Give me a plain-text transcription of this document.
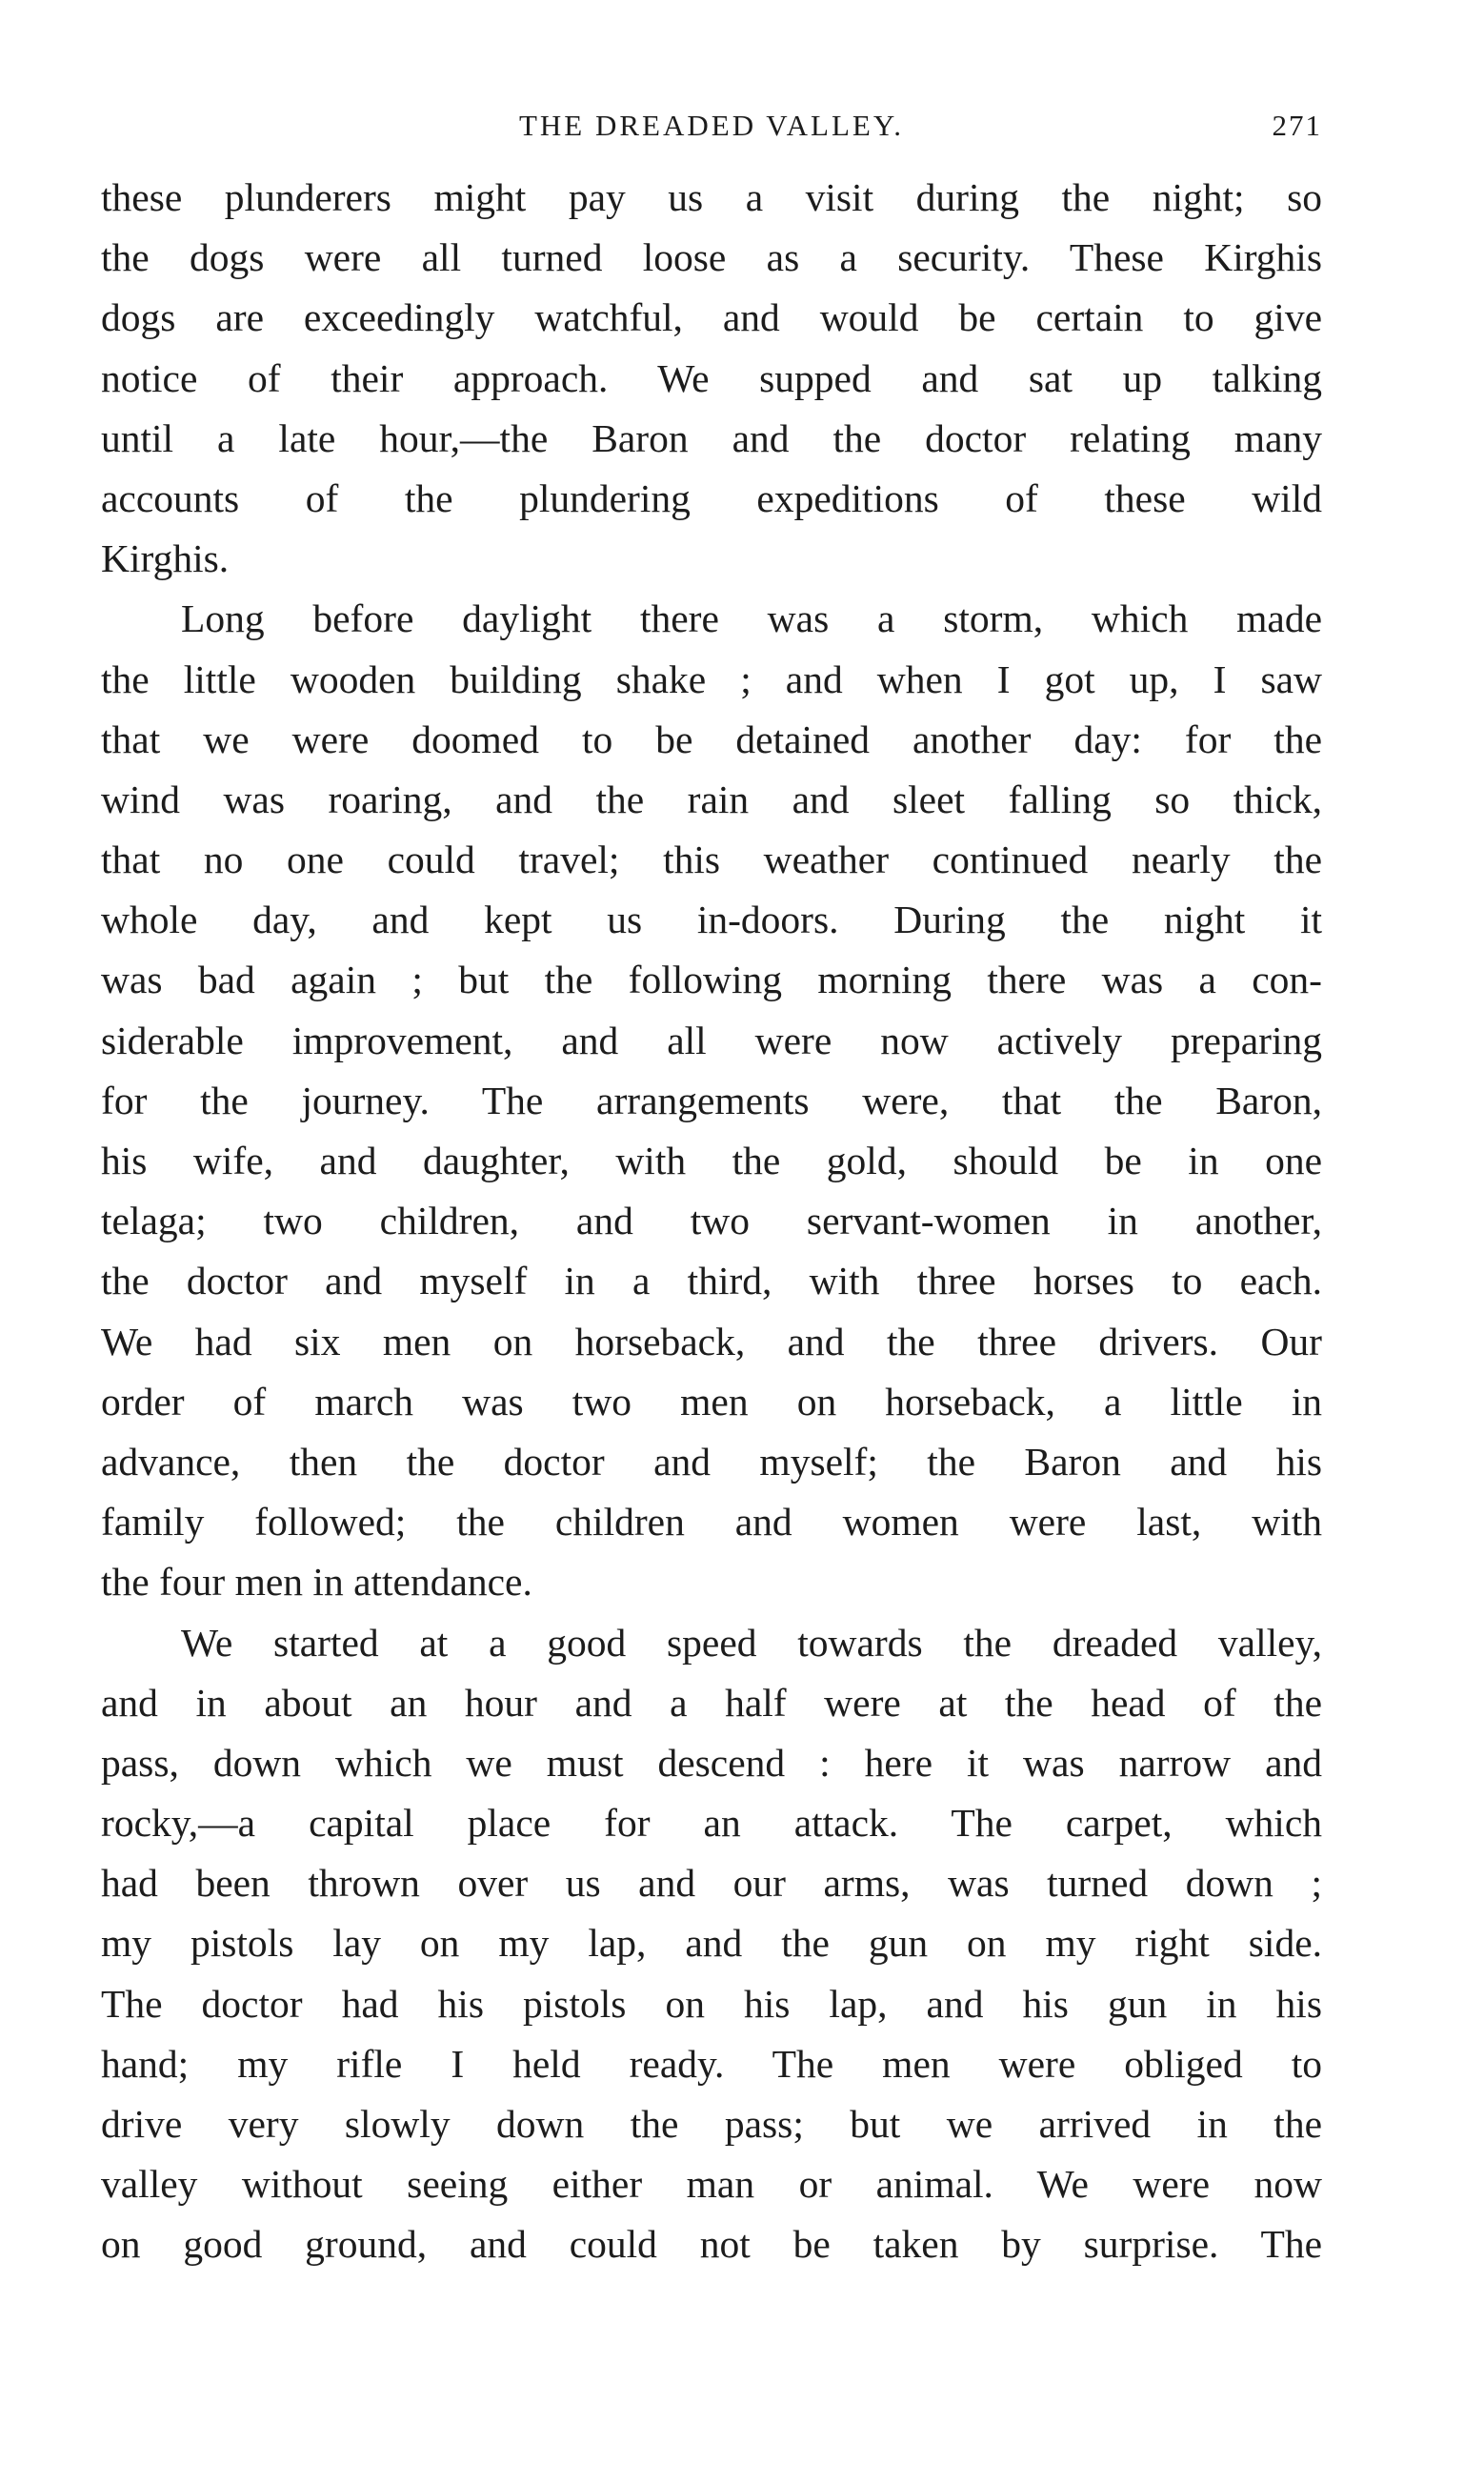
THE DREADED VALLEY.	271
these plunderers might pay us a visit during the night; so
the dogs were all turned loose as a security. These Kirghis
dogs are exceedingly watchful, and would be certain to give
notice of their approach. We supped and sat up talking
until a late hour,—the Baron and the doctor relating many
accounts of the plundering expeditions of these wild
Kirghis.
Long before daylight there was a storm, which made
the little wooden building shake ; and when I got up, I saw
that we were doomed to be detained another day: for the
wind was roaring, and the rain and sleet falling so thick,
that no one could travel; this weather continued nearly the
whole day, and kept us in-doors. During the night it
was bad again ; but the following morning there was a con-
siderable improvement, and all were now actively preparing
for the journey. The arrangements were, that the Baron,
his wife, and daughter, with the gold, should be in one
telaga; two children, and two servant-women in another,
the doctor and myself in a third, with three horses to each.
We had six men on horseback, and the three drivers. Our
order of march was two men on horseback, a little in
advance, then the doctor and myself; the Baron and his
family followed; the children and women were last, with
the four men in attendance.
We started at a good speed towards the dreaded valley,
and in about an hour and a half were at the head of the
pass, down which we must descend : here it was narrow and
rocky,—a capital place for an attack. The carpet, which
had been thrown over us and our arms, was turned down ;
my pistols lay on my lap, and the gun on my right side.
The doctor had his pistols on his lap, and his gun in his
hand; my rifle I held ready. The men were obliged to
drive very slowly down the pass; but we arrived in the
valley without seeing either man or animal. We were now
on good ground, and could not be taken by surprise. The
